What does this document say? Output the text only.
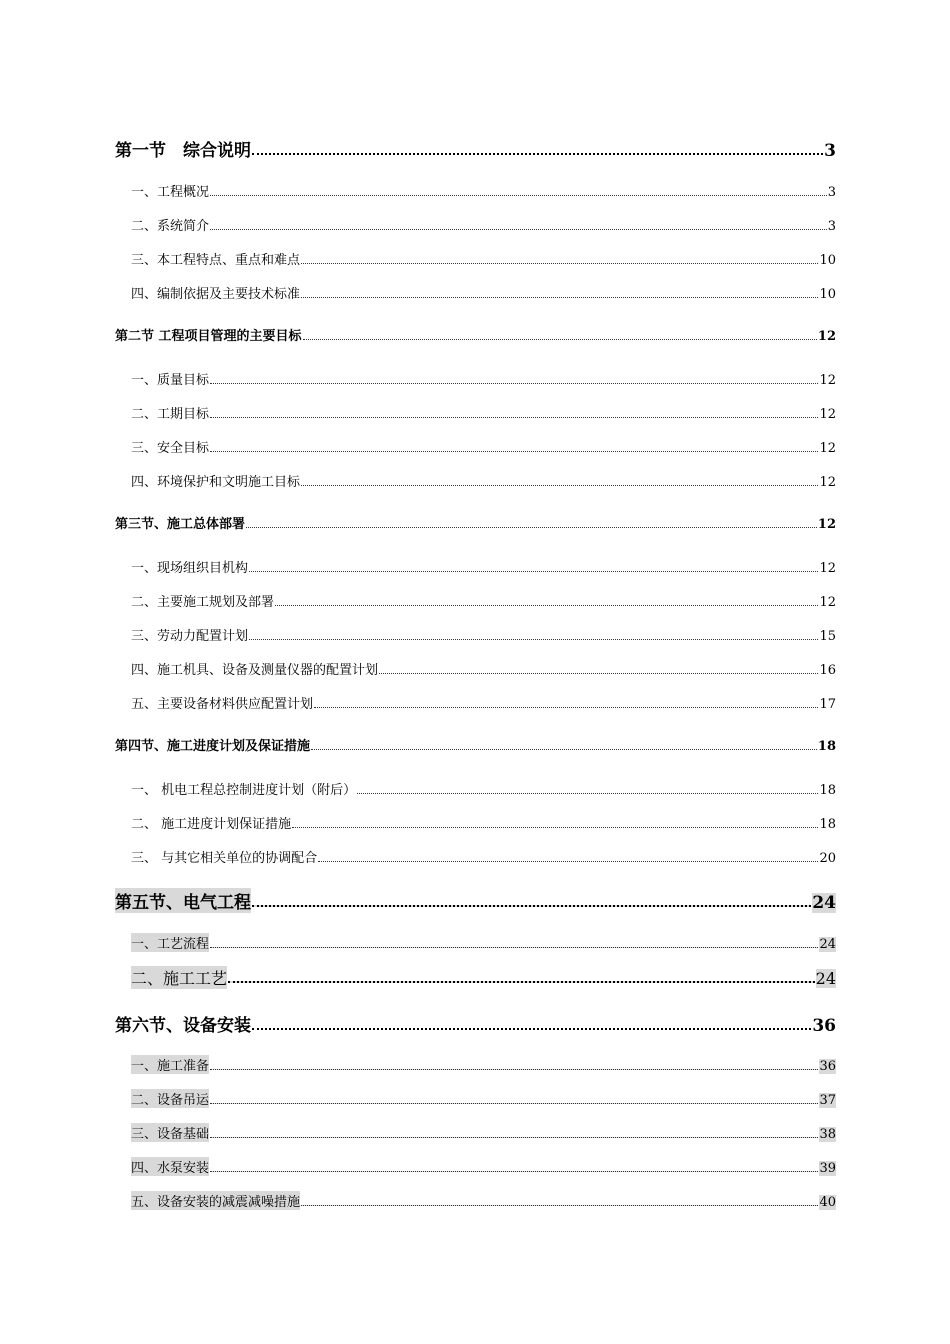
第一节　综合说明	3
一、工程概况	3
二、系统简介	3
三、本工程特点、重点和难点	10
四、编制依据及主要技术标准	10
第二节 工程项目管理的主要目标	12
一、质量目标	12
二、工期目标	12
三、安全目标	12
四、环境保护和文明施工目标	12
第三节、施工总体部署	12
一、现场组织目机构	12
二、主要施工规划及部署	12
三、劳动力配置计划	15
四、施工机具、设备及测量仪器的配置计划	16
五、主要设备材料供应配置计划	17
第四节、施工进度计划及保证措施	18
一、 机电工程总控制进度计划（附后）	18
二、 施工进度计划保证措施	18
三、 与其它相关单位的协调配合	20
第五节、电气工程	24
一、工艺流程	24
二、施工工艺	24
第六节、设备安装	36
一、施工准备	36
二、设备吊运	37
三、设备基础	38
四、水泵安装	39
五、设备安装的减震减噪措施	40
